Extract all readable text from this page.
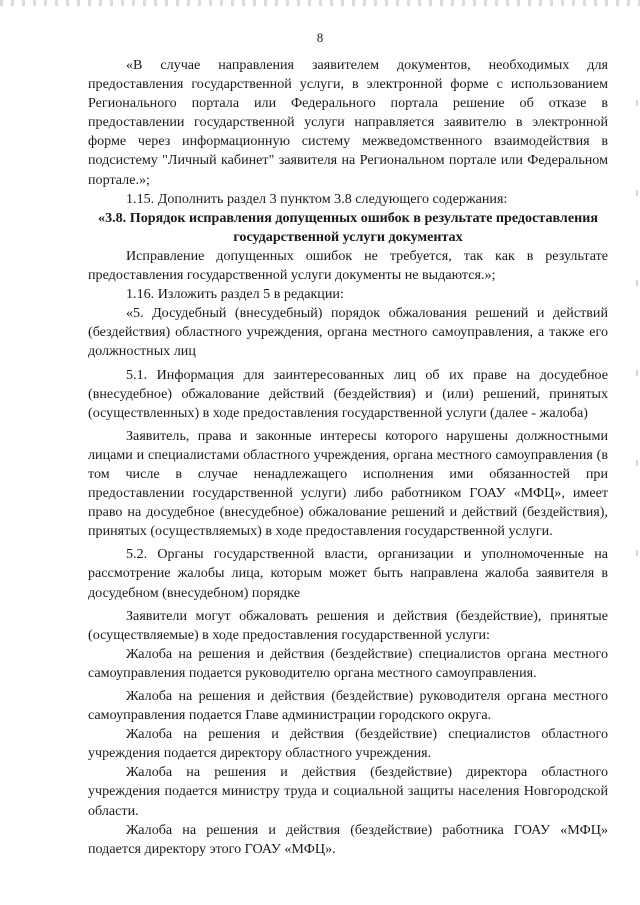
8

«В случае направления заявителем документов, необходимых для предоставления государственной услуги, в электронной форме с использованием Регионального портала или Федерального портала решение об отказе в предоставлении государственной услуги направляется заявителю в электронной форме через информационную систему межведомственного взаимодействия в подсистему "Личный кабинет" заявителя на Региональном портале или Федеральном портале.»;

1.15. Дополнить раздел 3 пунктом 3.8 следующего содержания:

«3.8. Порядок исправления допущенных ошибок в результате предоставления государственной услуги документах

Исправление допущенных ошибок не требуется, так как в результате предоставления государственной услуги документы не выдаются.»;

1.16. Изложить раздел 5 в редакции:

«5. Досудебный (внесудебный) порядок обжалования решений и действий (бездействия) областного учреждения, органа местного самоуправления, а также его должностных лиц

5.1. Информация для заинтересованных лиц об их праве на досудебное (внесудебное) обжалование действий (бездействия) и (или) решений, принятых (осуществленных) в ходе предоставления государственной услуги (далее - жалоба)

Заявитель, права и законные интересы которого нарушены должностными лицами и специалистами областного учреждения, органа местного самоуправления (в том числе в случае ненадлежащего исполнения ими обязанностей при предоставлении государственной услуги) либо работником ГОАУ «МФЦ», имеет право на досудебное (внесудебное) обжалование решений и действий (бездействия), принятых (осуществляемых) в ходе предоставления государственной услуги.

5.2. Органы государственной власти, организации и уполномоченные на рассмотрение жалобы лица, которым может быть направлена жалоба заявителя в досудебном (внесудебном) порядке

Заявители могут обжаловать решения и действия (бездействие), принятые (осуществляемые) в ходе предоставления государственной услуги:

Жалоба на решения и действия (бездействие) специалистов органа местного самоуправления подается руководителю органа местного самоуправления.

Жалоба на решения и действия (бездействие) руководителя органа местного самоуправления подается Главе администрации городского округа.

Жалоба на решения и действия (бездействие) специалистов областного учреждения подается директору областного учреждения.

Жалоба на решения и действия (бездействие) директора областного учреждения подается министру труда и социальной защиты населения Новгородской области.

Жалоба на решения и действия (бездействие) работника ГОАУ «МФЦ» подается директору этого ГОАУ «МФЦ».
